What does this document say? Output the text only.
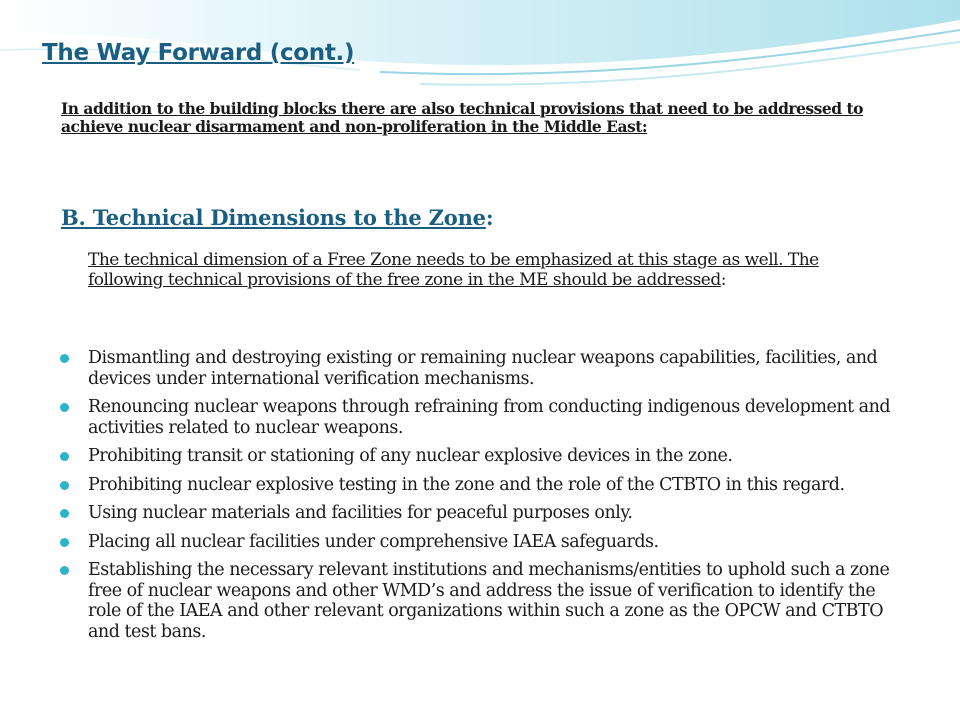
The Way Forward (cont.)

In addition to the building blocks there are also technical provisions that need to be addressed to achieve nuclear disarmament and non-proliferation in the Middle East:

B. Technical Dimensions to the Zone:

The technical dimension of a Free Zone needs to be emphasized at this stage as well. The following technical provisions of the free zone in the ME should be addressed:

Dismantling and destroying existing or remaining nuclear weapons capabilities, facilities, and devices under international verification mechanisms.
Renouncing nuclear weapons through refraining from conducting indigenous development and activities related to nuclear weapons.
Prohibiting transit or stationing of any nuclear explosive devices in the zone.
Prohibiting nuclear explosive testing in the zone and the role of the CTBTO in this regard.
Using nuclear materials and facilities for peaceful purposes only.
Placing all nuclear facilities under comprehensive IAEA safeguards.
Establishing the necessary relevant institutions and mechanisms/entities to uphold such a zone free of nuclear weapons and other WMD’s and address the issue of verification to identify the role of the IAEA and other relevant organizations within such a zone as the OPCW and CTBTO and test bans.
